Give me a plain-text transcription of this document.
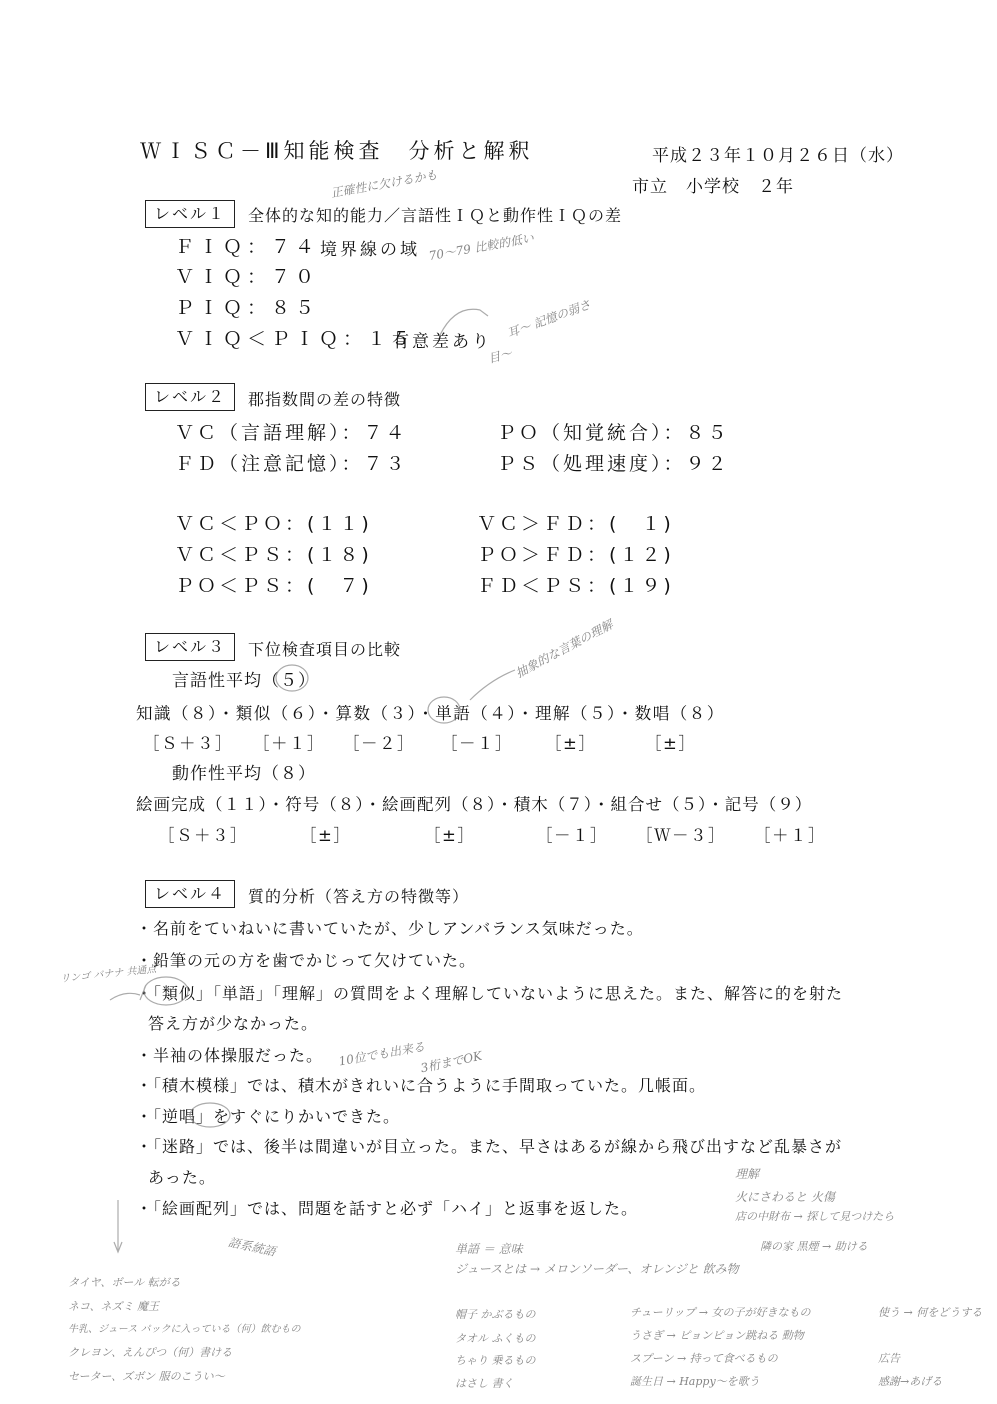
ＷＩＳＣ－Ⅲ知能検査　分析と解釈	平成２３年１０月２６日（水）
市立　小学校　２年
レベル１	全体的な知的能力／言語性ＩＱと動作性ＩＱの差
ＦＩＱ：７４ 境界線の域
ＶＩＱ：７０
ＰＩＱ：８５
ＶＩＱ＜ＰＩＱ：１５
有意差あり
レベル２	郡指数間の差の特徴
ＶＣ（言語理解）：７４	ＰＯ（知覚統合）：８５
ＦＤ（注意記憶）：７３	ＰＳ（処理速度）：９２
ＶＣ＜ＰＯ：(１１)	ＶＣ＞ＦＤ：(　１)
ＶＣ＜ＰＳ：(１８)	ＰＯ＞ＦＤ：(１２)
ＰＯ＜ＰＳ：(　７)	ＦＤ＜ＰＳ：(１９)
レベル３	下位検査項目の比較
言語性平均（５）
知識（８）・類似（６）・算数（３）・単語（４）・理解（５）・数唱（８）
［Ｓ＋３］ ［＋１］ ［－２］ ［－１］ ［±］	［±］
動作性平均（８）
絵画完成（１１）・符号（８）・絵画配列（８）・積木（７）・組合せ（５）・記号（９）
［Ｓ＋３］	［±］	［±］	［－１］ ［Ｗ－３］ ［＋１］
レベル４	質的分析（答え方の特徴等）
・名前をていねいに書いていたが、少しアンバランス気味だった。
・鉛筆の元の方を歯でかじって欠けていた。
・「類似」「単語」「理解」の質問をよく理解していないように思えた。また、解答に的を射た
答え方が少なかった。
・半袖の体操服だった。
・「積木模様」では、積木がきれいに合うように手間取っていた。几帳面。
・「逆唱」をすぐにりかいできた。
・「迷路」では、後半は間違いが目立った。また、早さはあるが線から飛び出すなど乱暴さが
あった。
・「絵画配列」では、問題を話すと必ず「ハイ」と返事を返した。
正確性に欠けるかも
70～79 比較的低い
耳～ 記憶の弱さ
目～
抽象的な言葉の理解
10位でも出来る
3桁までOK
リンゴ バナナ 共通点
語系統語	単語 ＝ 意味
ジュースとは → メロンソーダー、オレンジと 飲み物
理解
火にさわると 火傷
店の中財布 → 探して見つけたら
隣の家 黒煙 → 助ける
タイヤ、ボール 転がる
ネコ、ネズミ 魔王
牛乳、ジュース パックに入っている（何）飲むもの
クレヨン、えんぴつ（何）書ける
セーター、ズボン 服のこうい～
帽子 かぶるもの
タオル ふくもの
ちゃり 乗るもの
はさし 書く
チューリップ → 女の子が好きなもの
うさぎ → ピョンピョン跳ねる 動物
スプーン → 持って食べるもの
誕生日 → Happy～を歌う
使う → 何をどうする
広告
感謝→あげる
